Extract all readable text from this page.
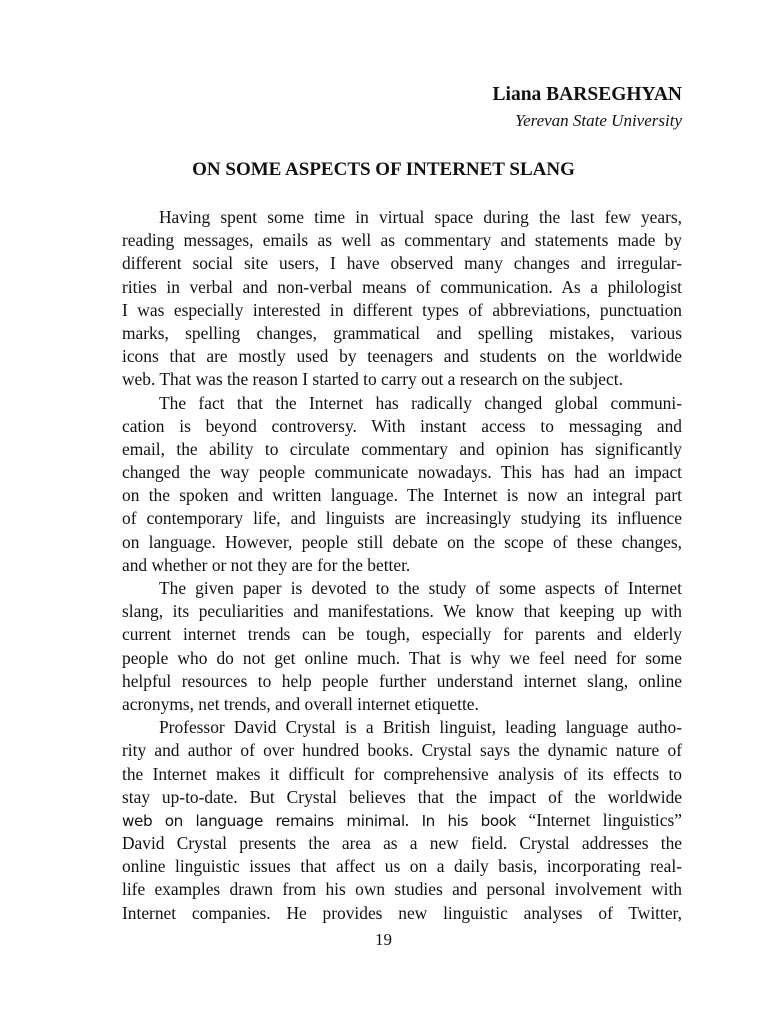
Liana BARSEGHYAN
Yerevan State University
ON SOME ASPECTS OF INTERNET SLANG
Having spent some time in virtual space during the last few years,
reading messages, emails as well as commentary and statements made by
different social site users, I have observed many changes and irregular-
rities in verbal and non-verbal means of communication. As a philologist
I was especially interested in different types of abbreviations, punctuation
marks, spelling changes, grammatical and spelling mistakes, various
icons that are mostly used by teenagers and students on the worldwide
web. That was the reason I started to carry out a research on the subject.
The fact that the Internet has radically changed global communi-
cation is beyond controversy. With instant access to messaging and
email, the ability to circulate commentary and opinion has significantly
changed the way people communicate nowadays. This has had an impact
on the spoken and written language. The Internet is now an integral part
of contemporary life, and linguists are increasingly studying its influence
on language. However, people still debate on the scope of these changes,
and whether or not they are for the better.
The given paper is devoted to the study of some aspects of Internet
slang, its peculiarities and manifestations. We know that keeping up with
current internet trends can be tough, especially for parents and elderly
people who do not get online much. That is why we feel need for some
helpful resources to help people further understand internet slang, online
acronyms, net trends, and overall internet etiquette.
Professor David Crystal is a British linguist, leading language autho-
rity and author of over hundred books. Crystal says the dynamic nature of
the Internet makes it difficult for comprehensive analysis of its effects to
stay up-to-date. But Crystal believes that the impact of the worldwide
web on language remains minimal. In his book “Internet linguistics”
David Crystal presents the area as a new field. Crystal addresses the
online linguistic issues that affect us on a daily basis, incorporating real-
life examples drawn from his own studies and personal involvement with
Internet companies. He provides new linguistic analyses of Twitter,
19
